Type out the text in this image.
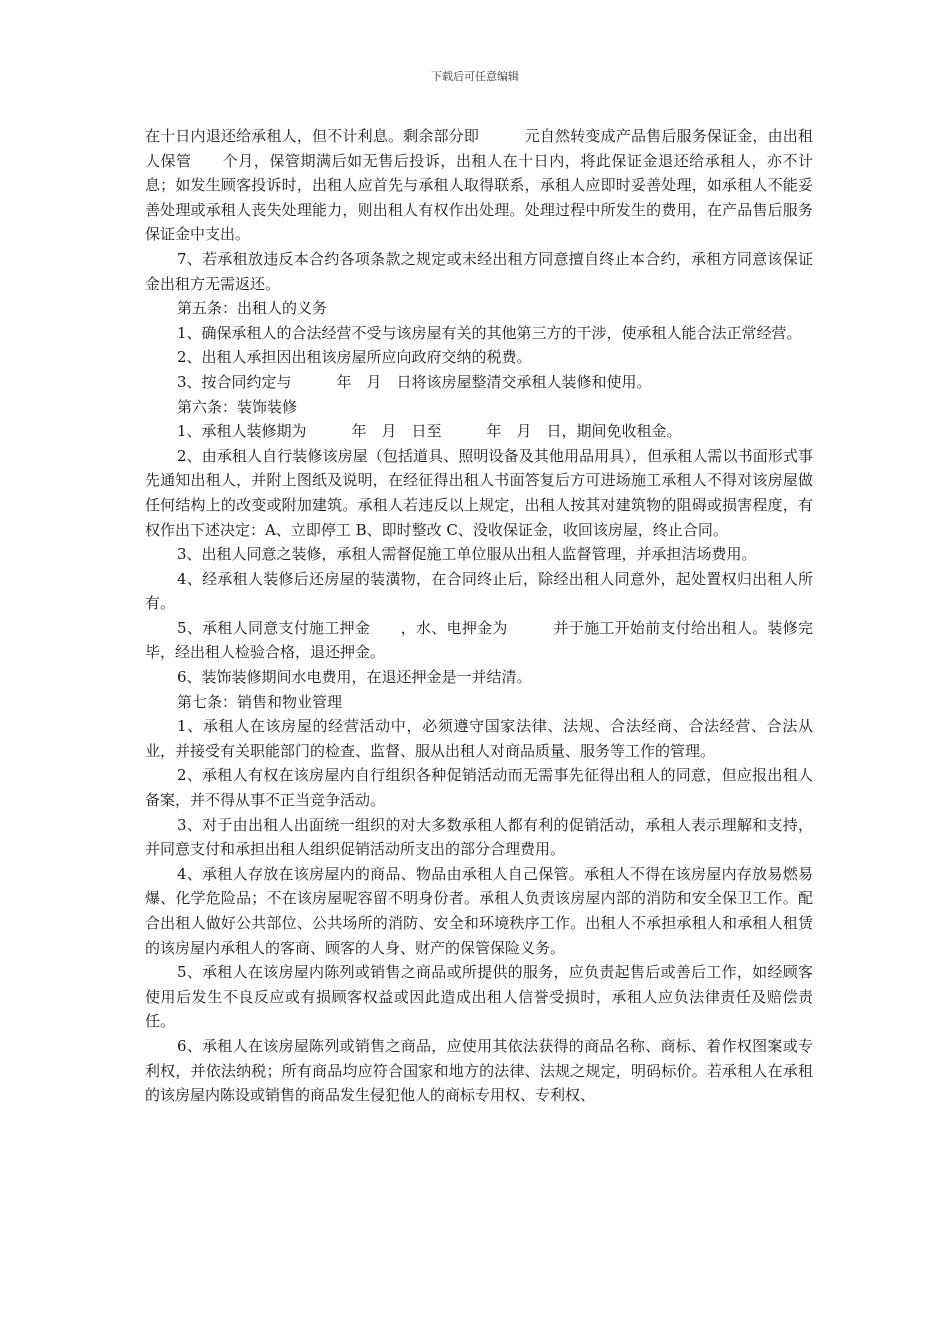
下载后可任意编辑

在十日内退还给承租人，但不计利息。剩余部分即　　　元自然转变成产品售后服务保证金，由出租人保管　　个月，保管期满后如无售后投诉，出租人在十日内，将此保证金退还给承租人，亦不计息；如发生顾客投诉时，出租人应首先与承租人取得联系，承租人应即时妥善处理，如承租人不能妥善处理或承租人丧失处理能力，则出租人有权作出处理。处理过程中所发生的费用，在产品售后服务保证金中支出。

7、若承租放违反本合约各项条款之规定或未经出租方同意擅自终止本合约，承租方同意该保证金出租方无需返还。

第五条：出租人的义务

1、确保承租人的合法经营不受与该房屋有关的其他第三方的干涉，使承租人能合法正常经营。

2、出租人承担因出租该房屋所应向政府交纳的税费。

3、按合同约定与　　　年　月　日将该房屋整清交承租人装修和使用。

第六条：装饰装修

1、承租人装修期为　　　年　月　日至　　　年　月　日，期间免收租金。

2、由承租人自行装修该房屋（包括道具、照明设备及其他用品用具），但承租人需以书面形式事先通知出租人，并附上图纸及说明，在经征得出租人书面答复后方可进场施工承租人不得对该房屋做任何结构上的改变或附加建筑。承租人若违反以上规定，出租人按其对建筑物的阻碍或损害程度，有权作出下述决定：A、立即停工 B、即时整改 C、没收保证金，收回该房屋，终止合同。

3、出租人同意之装修，承租人需督促施工单位服从出租人监督管理，并承担洁场费用。

4、经承租人装修后还房屋的装潢物，在合同终止后，除经出租人同意外，起处置权归出租人所有。

5、承租人同意支付施工押金　　，水、电押金为　　　并于施工开始前支付给出租人。装修完毕，经出租人检验合格，退还押金。

6、装饰装修期间水电费用，在退还押金是一并结清。

第七条：销售和物业管理

1、承租人在该房屋的经营活动中，必须遵守国家法律、法规、合法经商、合法经营、合法从业，并接受有关职能部门的检查、监督、服从出租人对商品质量、服务等工作的管理。

2、承租人有权在该房屋内自行组织各种促销活动而无需事先征得出租人的同意，但应报出租人备案，并不得从事不正当竞争活动。

3、对于由出租人出面统一组织的对大多数承租人都有利的促销活动，承租人表示理解和支持，并同意支付和承担出租人组织促销活动所支出的部分合理费用。

4、承租人存放在该房屋内的商品、物品由承租人自己保管。承租人不得在该房屋内存放易燃易爆、化学危险品；不在该房屋呢容留不明身份者。承租人负责该房屋内部的消防和安全保卫工作。配合出租人做好公共部位、公共场所的消防、安全和环境秩序工作。出租人不承担承租人和承租人租赁的该房屋内承租人的客商、顾客的人身、财产的保管保险义务。

5、承租人在该房屋内陈列或销售之商品或所提供的服务，应负责起售后或善后工作，如经顾客使用后发生不良反应或有损顾客权益或因此造成出租人信誉受损时，承租人应负法律责任及赔偿责任。

6、承租人在该房屋陈列或销售之商品，应使用其依法获得的商品名称、商标、着作权图案或专利权，并依法纳税；所有商品均应符合国家和地方的法律、法规之规定，明码标价。若承租人在承租的该房屋内陈设或销售的商品发生侵犯他人的商标专用权、专利权、
